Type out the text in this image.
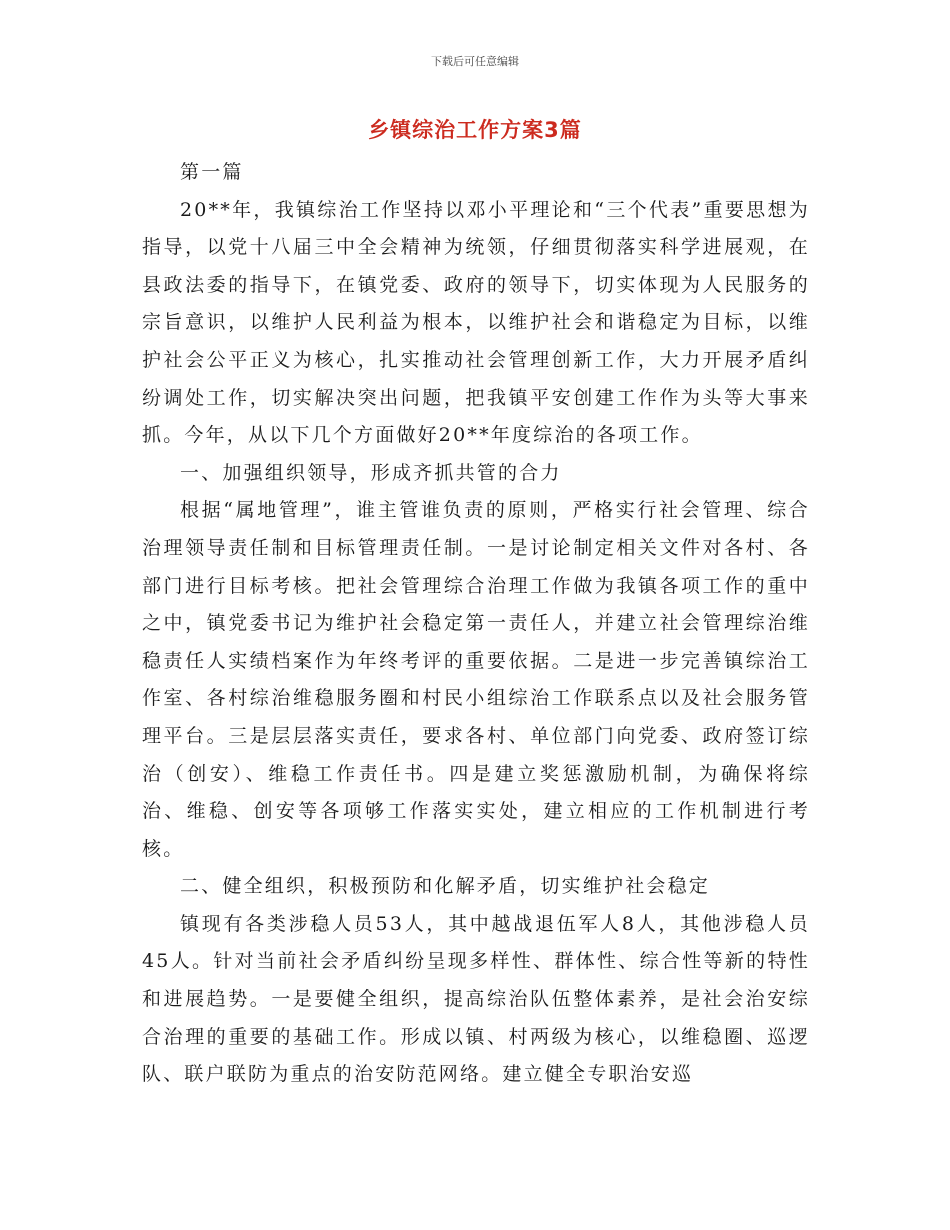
下载后可任意编辑
乡镇综治工作方案3篇

第一篇

20**年，我镇综治工作坚持以邓小平理论和“三个代表”重要思想为指导，以党十八届三中全会精神为统领，仔细贯彻落实科学进展观，在县政法委的指导下，在镇党委、政府的领导下，切实体现为人民服务的宗旨意识，以维护人民利益为根本，以维护社会和谐稳定为目标，以维护社会公平正义为核心，扎实推动社会管理创新工作，大力开展矛盾纠纷调处工作，切实解决突出问题，把我镇平安创建工作作为头等大事来抓。今年，从以下几个方面做好20**年度综治的各项工作。

一、加强组织领导，形成齐抓共管的合力

根据“属地管理”，谁主管谁负责的原则，严格实行社会管理、综合治理领导责任制和目标管理责任制。一是讨论制定相关文件对各村、各部门进行目标考核。把社会管理综合治理工作做为我镇各项工作的重中之中，镇党委书记为维护社会稳定第一责任人，并建立社会管理综治维稳责任人实绩档案作为年终考评的重要依据。二是进一步完善镇综治工作室、各村综治维稳服务圈和村民小组综治工作联系点以及社会服务管理平台。三是层层落实责任，要求各村、单位部门向党委、政府签订综治（创安）、维稳工作责任书。四是建立奖惩激励机制，为确保将综治、维稳、创安等各项够工作落实实处，建立相应的工作机制进行考核。

二、健全组织，积极预防和化解矛盾，切实维护社会稳定

镇现有各类涉稳人员53人，其中越战退伍军人8人，其他涉稳人员45人。针对当前社会矛盾纠纷呈现多样性、群体性、综合性等新的特性和进展趋势。一是要健全组织，提高综治队伍整体素养，是社会治安综合治理的重要的基础工作。形成以镇、村两级为核心，以维稳圈、巡逻队、联户联防为重点的治安防范网络。建立健全专职治安巡
